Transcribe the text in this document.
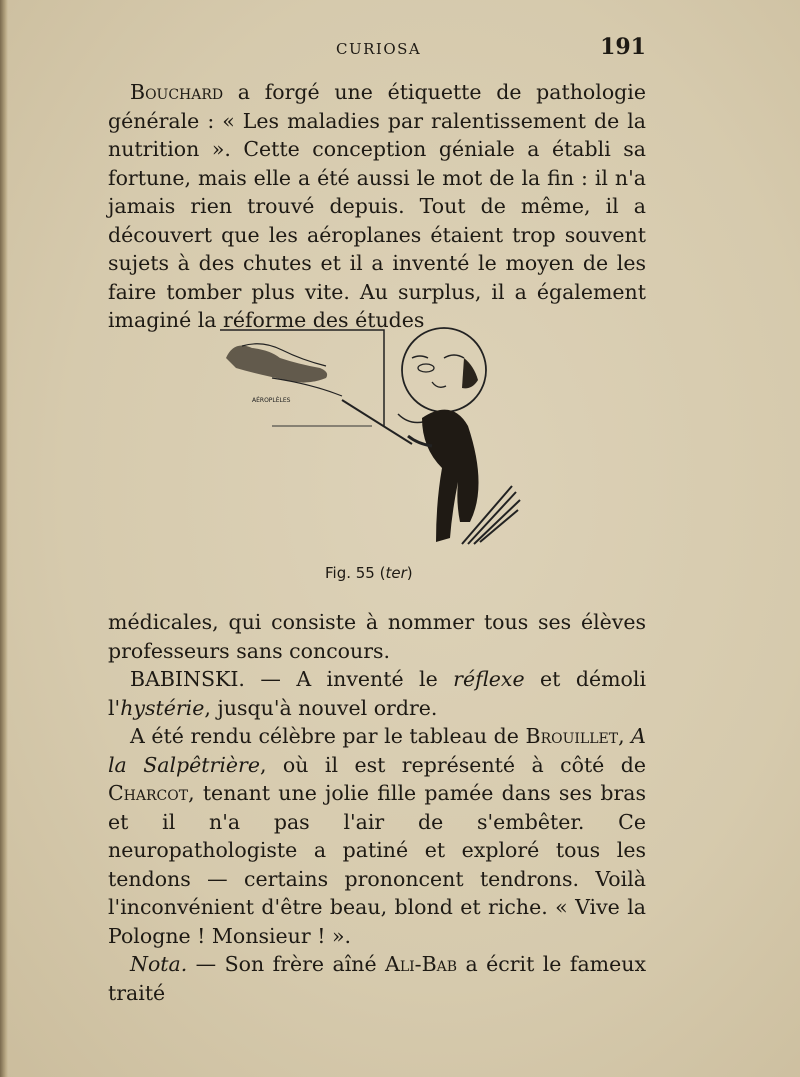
CURIOSA	191

Bouchard a forgé une étiquette de pathologie générale : « Les maladies par ralentissement de la nutrition ». Cette conception géniale a établi sa fortune, mais elle a été aussi le mot de la fin : il n'a jamais rien trouvé depuis. Tout de même, il a découvert que les aéroplanes étaient trop souvent sujets à des chutes et il a inventé le moyen de les faire tomber plus vite. Au surplus, il a également imaginé la réforme des études

AÉROPLÈLES
Fig. 55 (ter)

médicales, qui consiste à nommer tous ses élèves professeurs sans concours.

BABINSKI. — A inventé le réflexe et démoli l'hystérie, jusqu'à nouvel ordre.

A été rendu célèbre par le tableau de Brouillet, A la Salpêtrière, où il est représenté à côté de Charcot, tenant une jolie fille pamée dans ses bras et il n'a pas l'air de s'embêter. Ce neuropathologiste a patiné et exploré tous les tendons — certains prononcent tendrons. Voilà l'inconvénient d'être beau, blond et riche. « Vive la Pologne ! Monsieur ! ».

Nota. — Son frère aîné Ali-Bab a écrit le fameux traité
